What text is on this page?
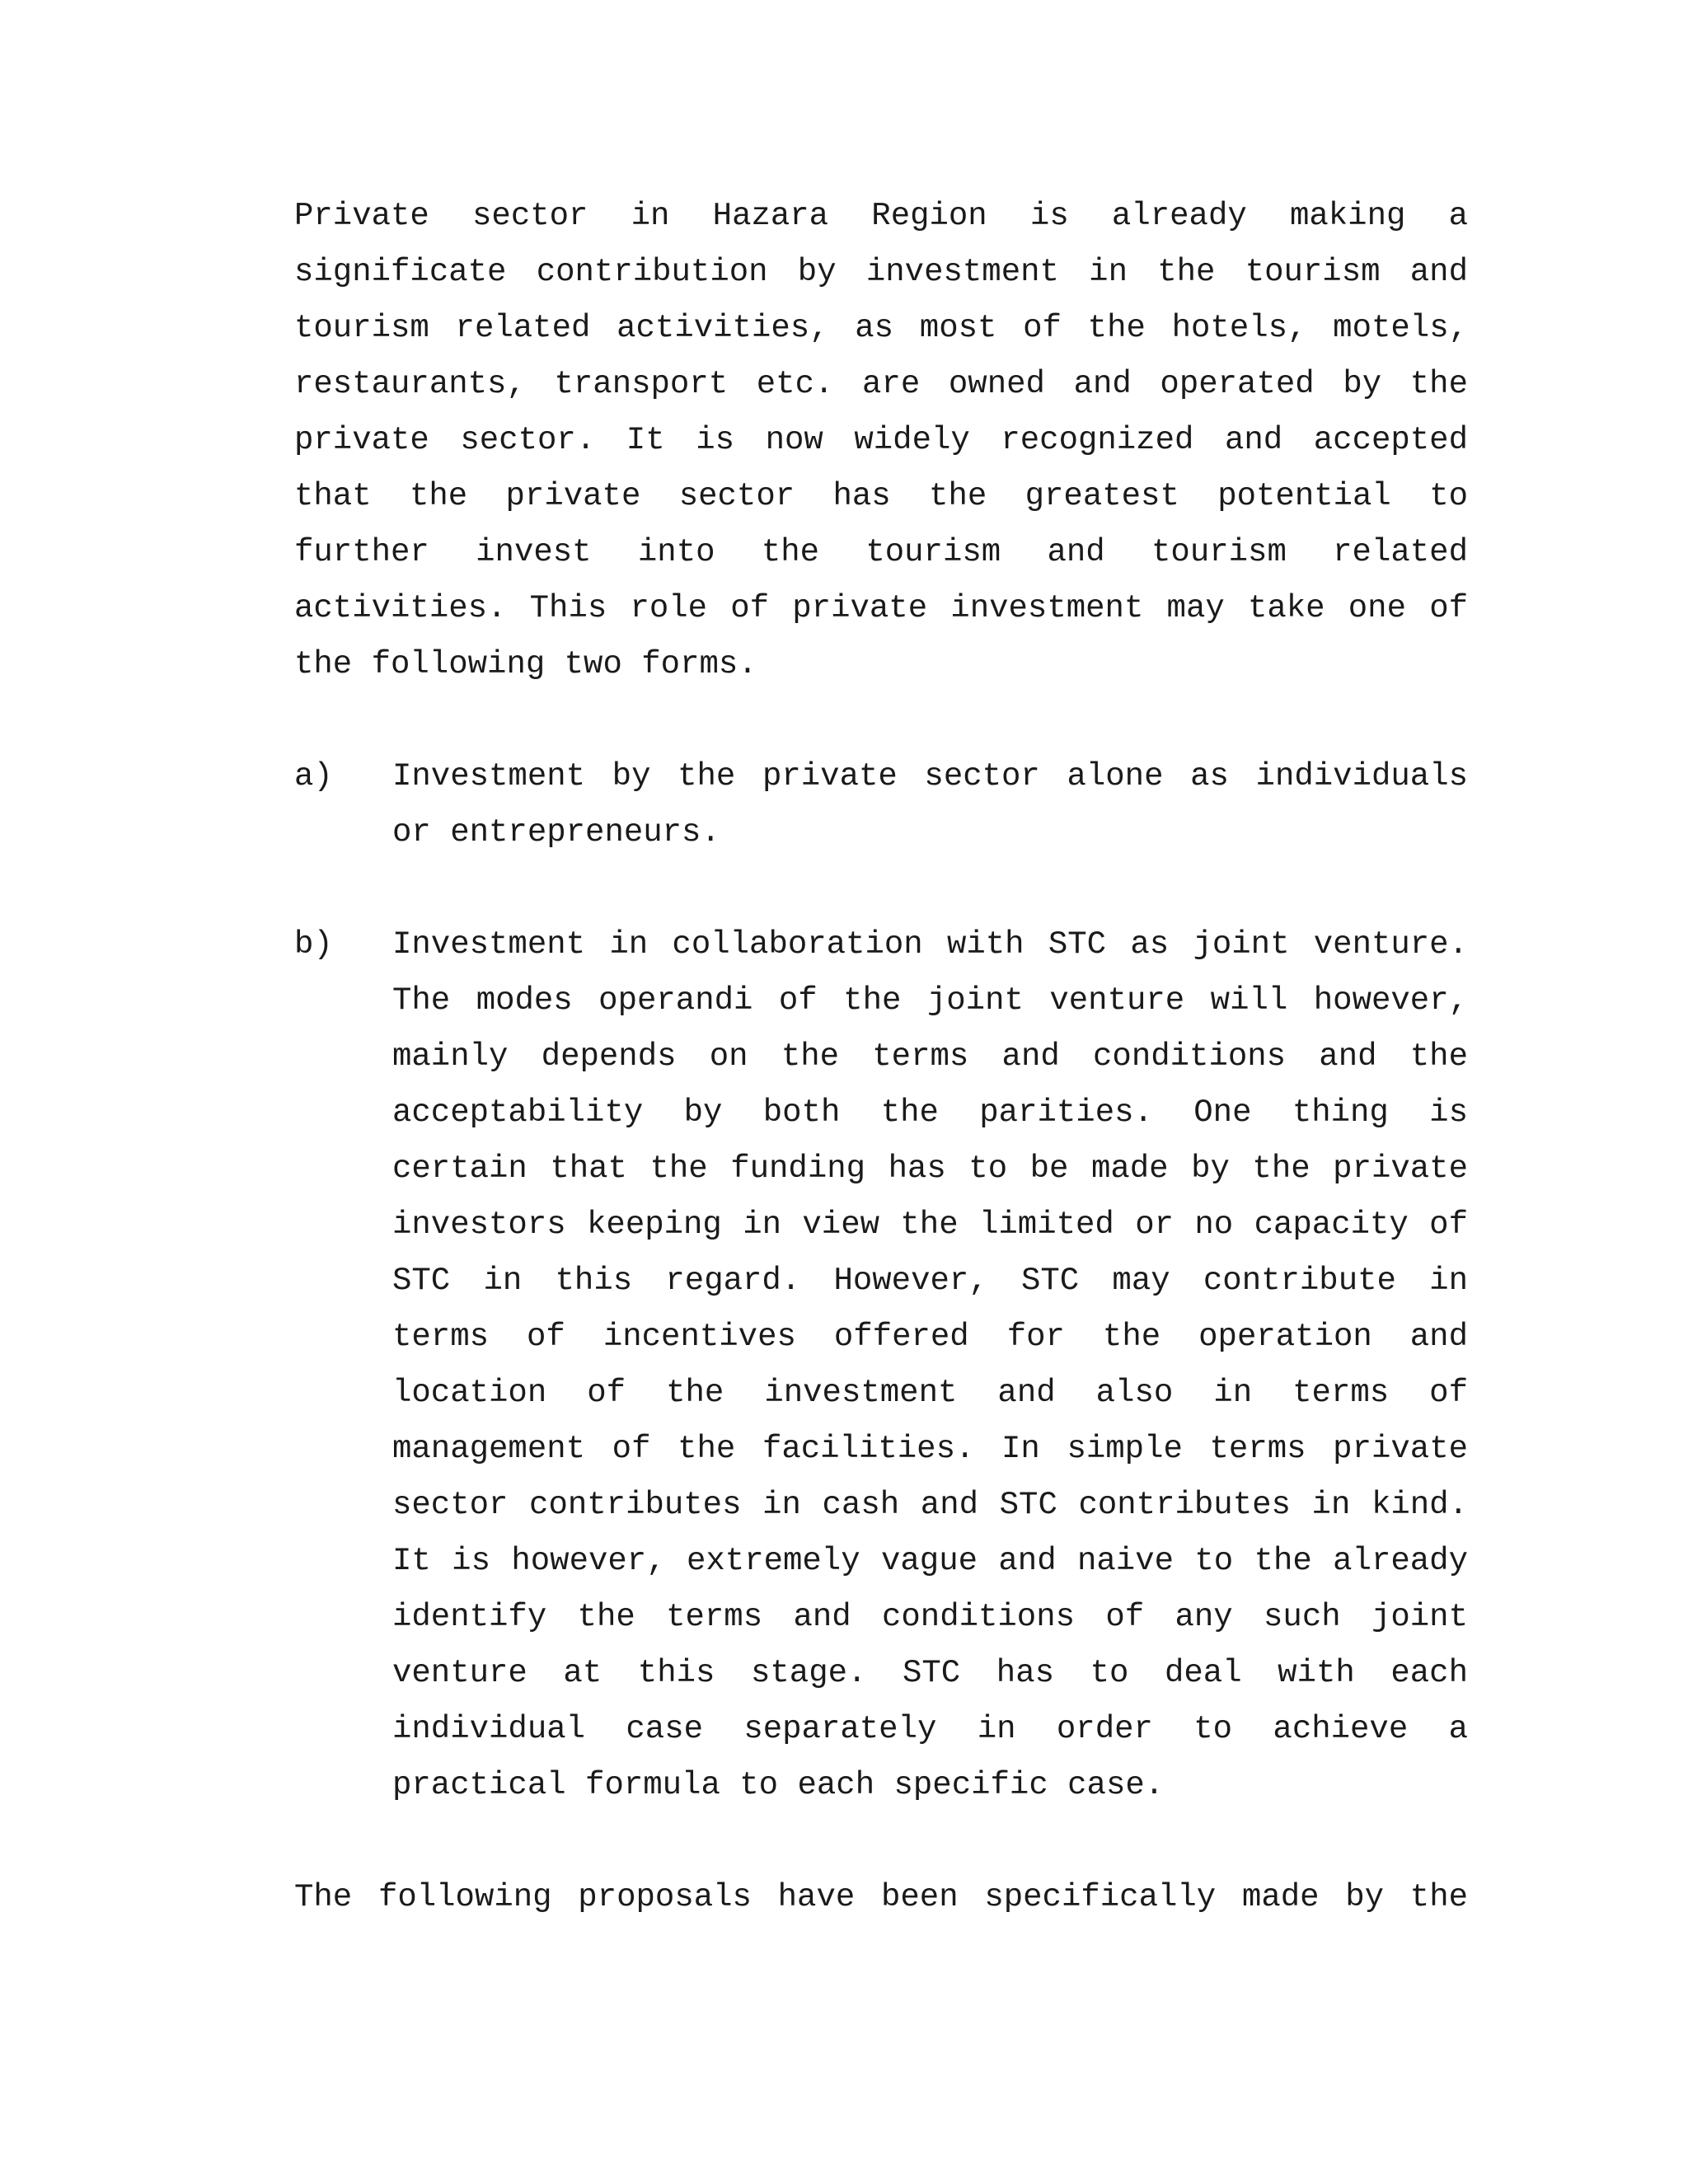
Private sector in Hazara Region is already making a significate contribution by investment in the tourism and tourism related activities, as most of the hotels, motels, restaurants, transport etc. are owned and operated by the private sector. It is now widely recognized and accepted that the private sector has the greatest potential to further invest into the tourism and tourism related activities. This role of private investment may take one of the following two forms.

a)	Investment by the private sector alone as individuals or entrepreneurs.

b)	Investment in collaboration with STC as joint venture. The modes operandi of the joint venture will however, mainly depends on the terms and conditions and the acceptability by both the parities. One thing is certain that the funding has to be made by the private investors keeping in view the limited or no capacity of STC in this regard. However, STC may contribute in terms of incentives offered for the operation and location of the investment and also in terms of management of the facilities. In simple terms private sector contributes in cash and STC contributes in kind. It is however, extremely vague and naive to the already identify the terms and conditions of any such joint venture at this stage. STC has to deal with each individual case separately in order to achieve a practical formula to each specific case.

The following proposals have been specifically made by the
